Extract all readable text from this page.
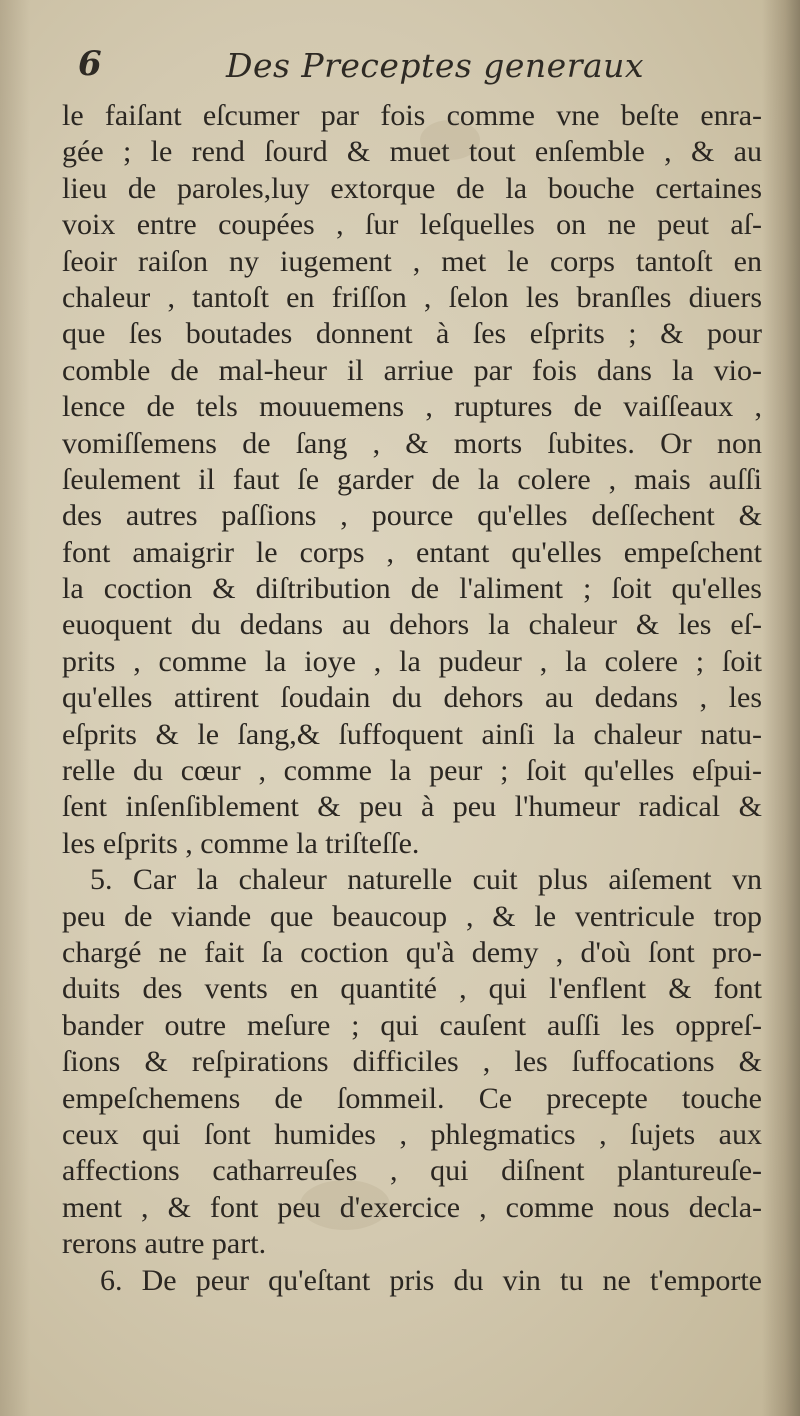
6	Des Preceptes generaux
le faiſant eſcumer par fois comme vne beſte enra-
gée ; le rend ſourd & muet tout enſemble , & au
lieu de paroles,luy extorque de la bouche certaines
voix entre coupées , ſur leſquelles on ne peut aſ-
ſeoir raiſon ny iugement , met le corps tantoſt en
chaleur , tantoſt en friſſon , ſelon les branſles diuers
que ſes boutades donnent à ſes eſprits ; & pour
comble de mal-heur il arriue par fois dans la vio-
lence de tels mouuemens , ruptures de vaiſſeaux ,
vomiſſemens de ſang , & morts ſubites. Or non
ſeulement il faut ſe garder de la colere , mais auſſi
des autres paſſions , pource qu'elles deſſechent &
font amaigrir le corps , entant qu'elles empeſchent
la coction & diſtribution de l'aliment ; ſoit qu'elles
euoquent du dedans au dehors la chaleur & les eſ-
prits , comme la ioye , la pudeur , la colere ; ſoit
qu'elles attirent ſoudain du dehors au dedans , les
eſprits & le ſang,& ſuffoquent ainſi la chaleur natu-
relle du cœur , comme la peur ; ſoit qu'elles eſpui-
ſent inſenſiblement & peu à peu l'humeur radical &
les eſprits , comme la triſteſſe.
5. Car la chaleur naturelle cuit plus aiſement vn
peu de viande que beaucoup , & le ventricule trop
chargé ne fait ſa coction qu'à demy , d'où ſont pro-
duits des vents en quantité , qui l'enflent & font
bander outre meſure ; qui cauſent auſſi les oppreſ-
ſions & reſpirations difficiles , les ſuffocations &
empeſchemens de ſommeil. Ce precepte touche
ceux qui ſont humides , phlegmatics , ſujets aux
affections catharreuſes , qui diſnent plantureuſe-
ment , & font peu d'exercice , comme nous decla-
rerons autre part.
6. De peur qu'eſtant pris du vin tu ne t'emporte
